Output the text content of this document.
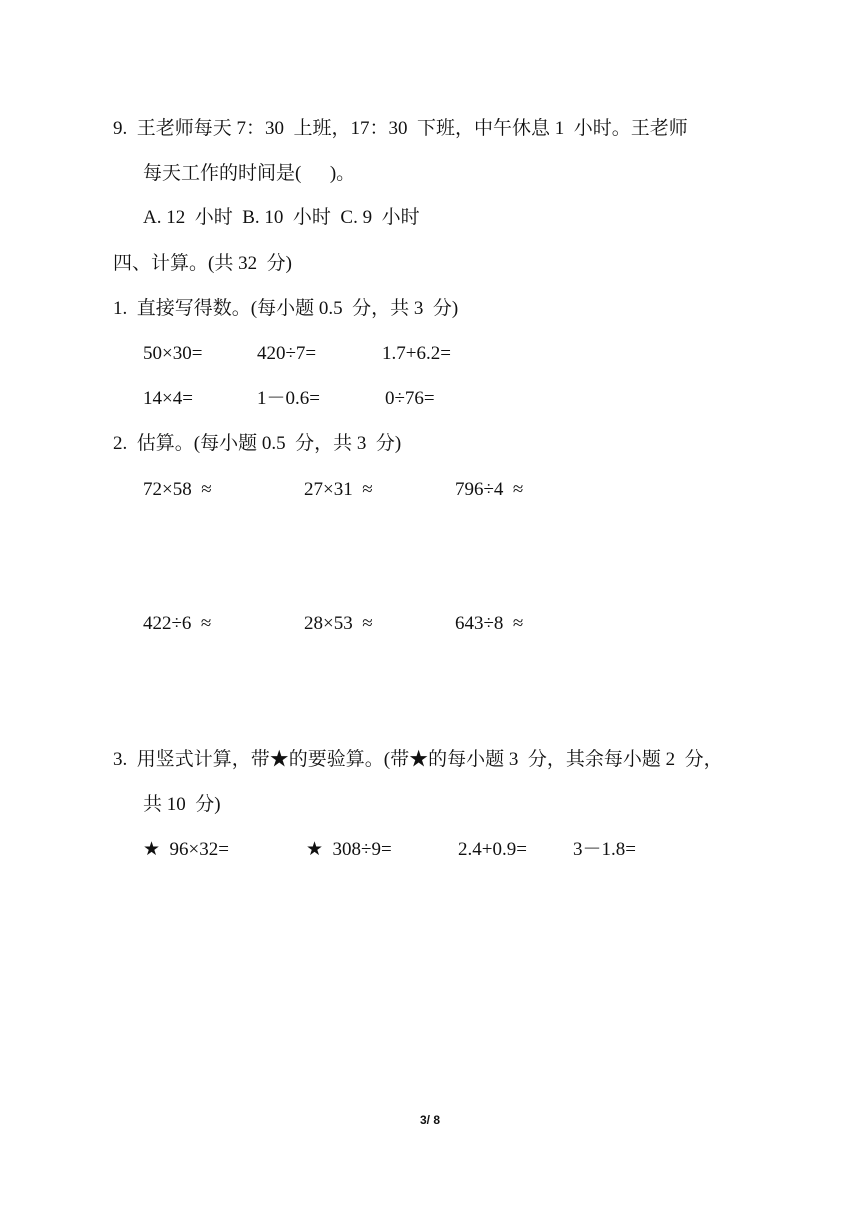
9.  王老师每天 7：30  上班，17：30  下班，中午休息 1  小时。王老师
每天工作的时间是(      )。
A. 12  小时  B. 10  小时  C. 9  小时
四、计算。(共 32  分)
1.  直接写得数。(每小题 0.5  分，共 3  分)
50×30=	420÷7=	1.7+6.2=
14×4=	1－0.6=	0÷76=
2.  估算。(每小题 0.5  分，共 3  分)
72×58  ≈	27×31  ≈	796÷4  ≈
422÷6  ≈	28×53  ≈	643÷8  ≈
3.  用竖式计算，带★的要验算。(带★的每小题 3  分，其余每小题 2  分，
共 10  分)
★  96×32=	★  308÷9=	2.4+0.9= 3－1.8=
3/ 8
